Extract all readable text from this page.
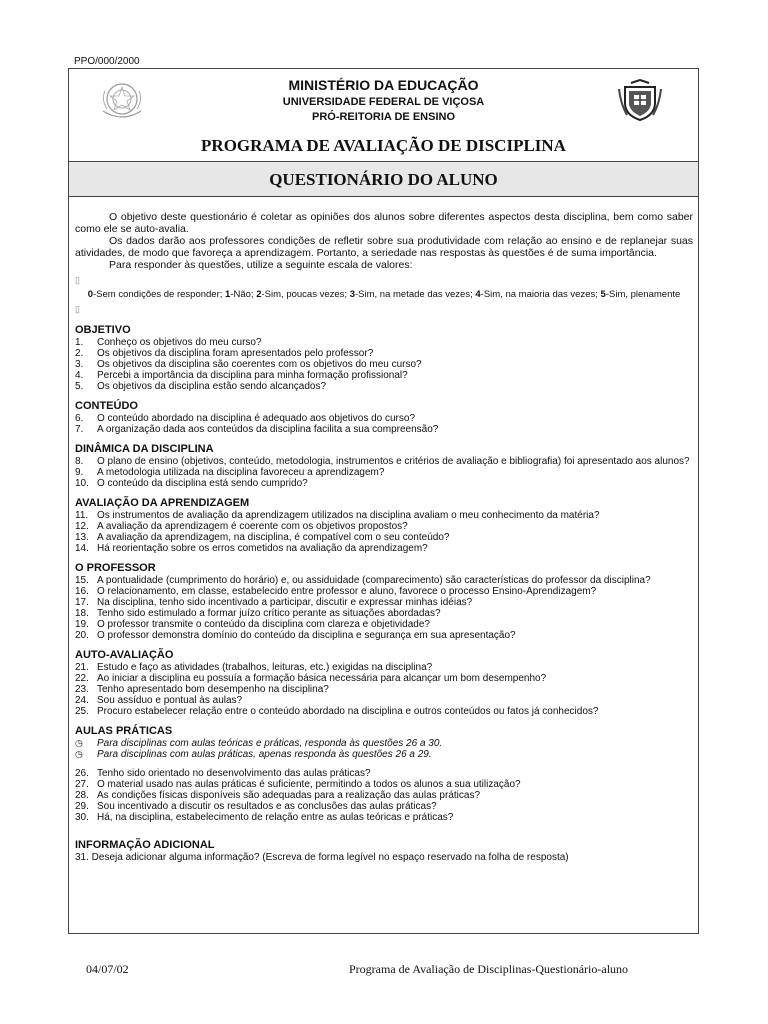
PPO/000/2000
MINISTÉRIO DA EDUCAÇÃO
UNIVERSIDADE FEDERAL DE VIÇOSA
PRÓ-REITORIA DE ENSINO
PROGRAMA DE AVALIAÇÃO DE DISCIPLINA
QUESTIONÁRIO DO ALUNO

O objetivo deste questionário é coletar as opiniões dos alunos sobre diferentes aspectos desta disciplina, bem como saber como ele se auto-avalia.

Os dados darão aos professores condições de refletir sobre sua produtividade com relação ao ensino e de replanejar suas atividades, de modo que favoreça a aprendizagem. Portanto, a seriedade nas respostas às questões é de suma importância.

Para responder às questões, utilize a seguinte escala de valores:

▯
0-Sem condições de responder; 1-Não; 2-Sim, poucas vezes; 3-Sim, na metade das vezes; 4-Sim, na maioria das vezes; 5-Sim, plenamente
▯
OBJETIVO
1. Conheço os objetivos do meu curso?
2. Os objetivos da disciplina foram apresentados pelo professor?
3. Os objetivos da disciplina são coerentes com os objetivos do meu curso?
4. Percebi a importância da disciplina para minha formação profissional?
5. Os objetivos da disciplina estão sendo alcançados?
CONTEÚDO
6. O conteúdo abordado na disciplina é adequado aos objetivos do curso?
7. A organização dada aos conteúdos da disciplina facilita a sua compreensão?
DINÂMICA DA DISCIPLINA
8. O plano de ensino (objetivos, conteúdo, metodologia, instrumentos e critérios de avaliação e bibliografia) foi apresentado aos alunos?
9. A metodologia utilizada na disciplina favoreceu a aprendizagem?
10. O conteúdo da disciplina está sendo cumprido?
AVALIAÇÃO DA APRENDIZAGEM
11. Os instrumentos de avaliação da aprendizagem utilizados na disciplina avaliam o meu conhecimento da matéria?
12. A avaliação da aprendizagem é coerente com os objetivos propostos?
13. A avaliação da aprendizagem, na disciplina, é compatível com o seu conteúdo?
14. Há reorientação sobre os erros cometidos na avaliação da aprendizagem?
O PROFESSOR
15. A pontualidade (cumprimento do horário) e, ou assiduidade (comparecimento) são características do professor da disciplina?
16. O relacionamento, em classe, estabelecido entre professor e aluno, favorece o processo Ensino-Aprendizagem?
17. Na disciplina, tenho sido incentivado a participar, discutir e expressar minhas idéias?
18. Tenho sido estimulado a formar juízo crítico perante as situações abordadas?
19. O professor transmite o conteúdo da disciplina com clareza e objetividade?
20. O professor demonstra domínio do conteúdo da disciplina e segurança em sua apresentação?
AUTO-AVALIAÇÃO
21. Estudo e faço as atividades (trabalhos, leituras, etc.) exigidas na disciplina?
22. Ao iniciar a disciplina eu possuía a formação básica necessária para alcançar um bom desempenho?
23. Tenho apresentado bom desempenho na disciplina?
24. Sou assíduo e pontual às aulas?
25. Procuro estabelecer relação entre o conteúdo abordado na disciplina e outros conteúdos ou fatos já conhecidos?
AULAS PRÁTICAS
◷ Para disciplinas com aulas teóricas e práticas, responda às questões 26 a 30.
◷ Para disciplinas com aulas práticas, apenas responda às questões 26 a 29.
26. Tenho sido orientado no desenvolvimento das aulas práticas?
27. O material usado nas aulas práticas é suficiente, permitindo a todos os alunos a sua utilização?
28. As condições físicas disponíveis são adequadas para a realização das aulas práticas?
29. Sou incentivado a discutir os resultados e as conclusões das aulas práticas?
30. Há, na disciplina, estabelecimento de relação entre as aulas teóricas e práticas?
INFORMAÇÃO ADICIONAL
31. Deseja adicionar alguma informação? (Escreva de forma legível no espaço reservado na folha de resposta)
04/07/02	Programa de Avaliação de Disciplinas-Questionário-aluno
